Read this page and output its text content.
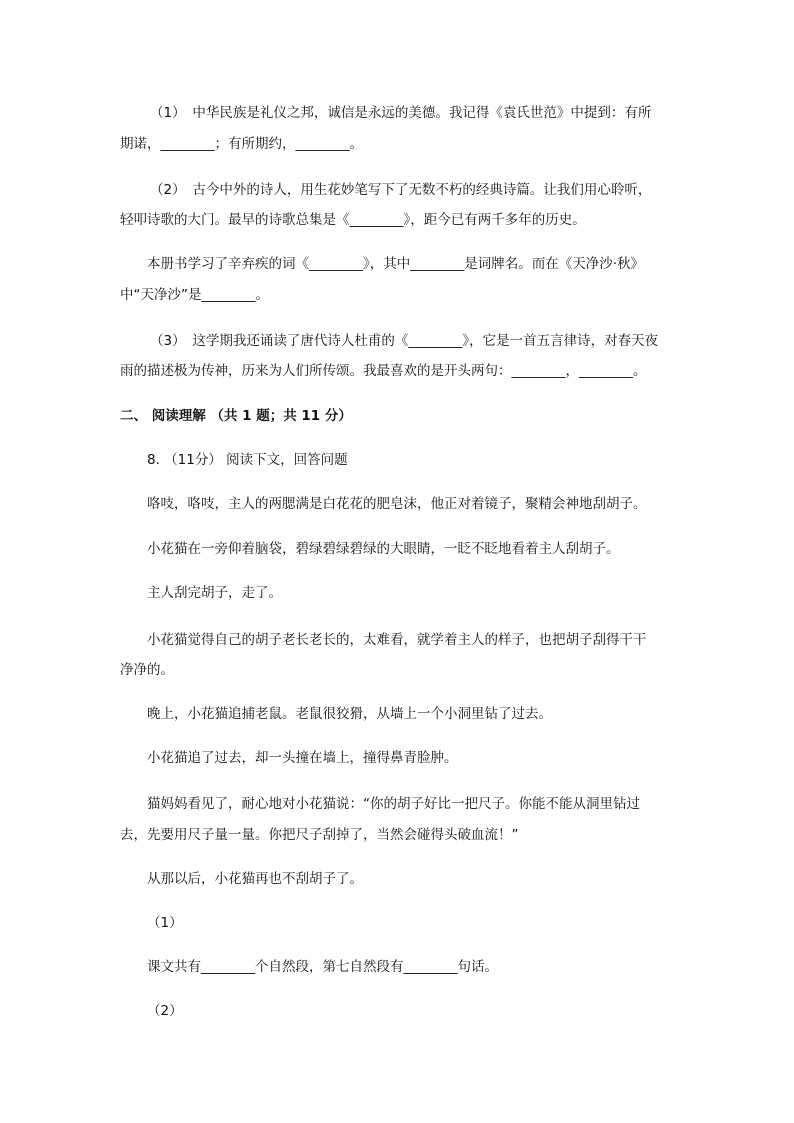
（1）　中华民族是礼仪之邦，诚信是永远的美德。我记得《袁氏世范》中提到：有所
期诺，________；有所期约，________。
（2）　古今中外的诗人，用生花妙笔写下了无数不朽的经典诗篇。让我们用心聆听，
轻叩诗歌的大门。最早的诗歌总集是《________》，距今已有两千多年的历史。
本册书学习了辛弃疾的词《________》，其中________是词牌名。而在《天净沙·秋》
中“天净沙”是________。
（3）　这学期我还诵读了唐代诗人杜甫的《________》，它是一首五言律诗，对春天夜
雨的描述极为传神，历来为人们所传颂。我最喜欢的是开头两句：________，________。
二、 阅读理解 （共 1 题；共 11 分）
8. （11分） 阅读下文，回答问题
咯吱，咯吱，主人的两腮满是白花花的肥皂沫，他正对着镜子，聚精会神地刮胡子。
小花猫在一旁仰着脑袋，碧绿碧绿碧绿的大眼睛，一眨不眨地看着主人刮胡子。
主人刮完胡子，走了。
小花猫觉得自己的胡子老长老长的，太难看，就学着主人的样子，也把胡子刮得干干
净净的。
晚上，小花猫追捕老鼠。老鼠很狡猾，从墙上一个小洞里钻了过去。
小花猫追了过去，却一头撞在墙上，撞得鼻青脸肿。
猫妈妈看见了，耐心地对小花猫说：“你的胡子好比一把尺子。你能不能从洞里钻过
去，先要用尺子量一量。你把尺子刮掉了，当然会碰得头破血流！”
从那以后，小花猫再也不刮胡子了。
（1）
课文共有________个自然段，第七自然段有________句话。
（2）
